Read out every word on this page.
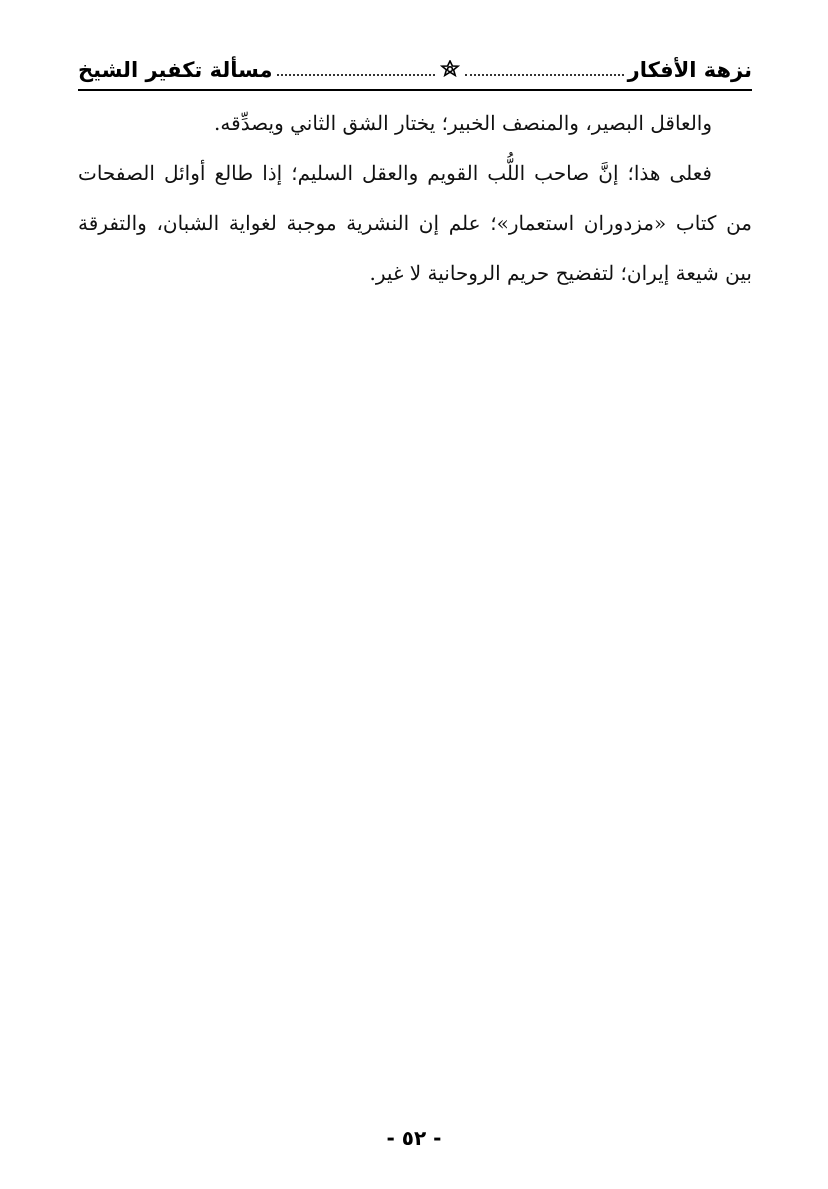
نزهة الأفكار
مسألة تكفير الشيخ

والعاقل البصير، والمنصف الخبير؛ يختار الشق الثاني ويصدِّقه.

فعلى هذا؛ إنَّ صاحب اللُّب القويم والعقل السليم؛ إذا طالع أوائل الصفحات من كتاب «مزدوران استعمار»؛ علم إن النشرية موجبة لغواية الشبان، والتفرقة بين شيعة إيران؛ لتفضيح حريم الروحانية لا غير.

- ٥٢ -
